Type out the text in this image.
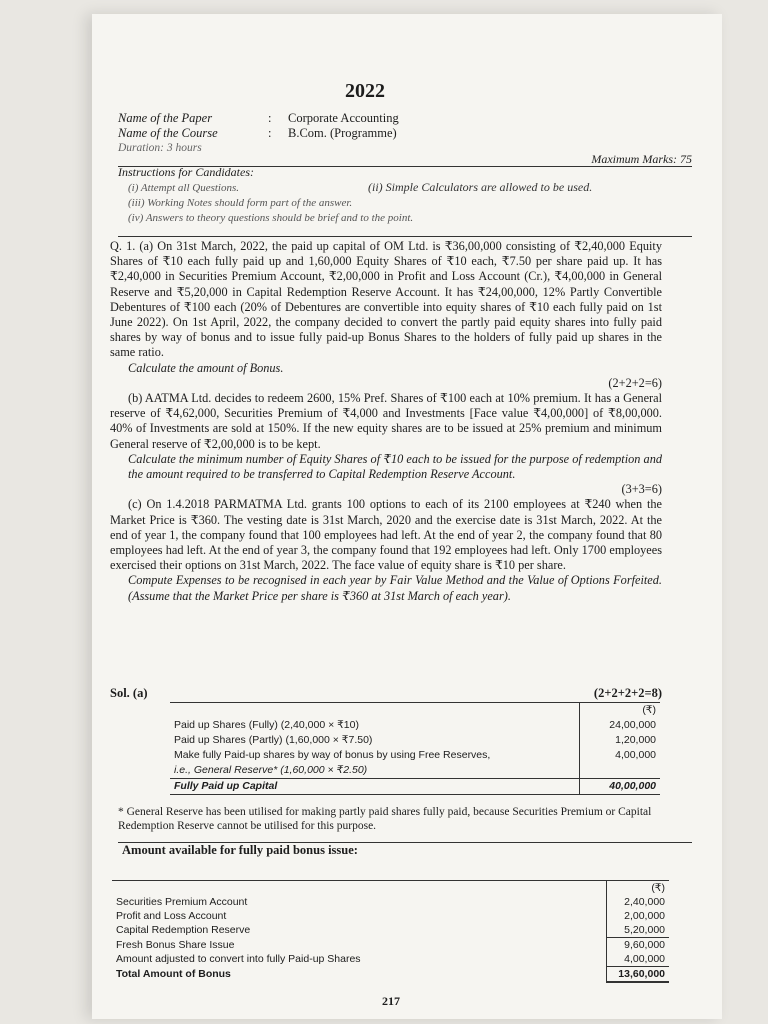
2022
Name of the Paper	: Corporate Accounting
Name of the Course	: B.Com. (Programme)
Duration: 3 hours
Maximum Marks: 75
Instructions for Candidates:
(i) Attempt all Questions.	(ii) Simple Calculators are allowed to be used.
(iii) Working Notes should form part of the answer.
(iv) Answers to theory questions should be brief and to the point.

Q. 1. (a) On 31st March, 2022, the paid up capital of OM Ltd. is ₹36,00,000 consisting of ₹2,40,000 Equity Shares of ₹10 each fully paid up and 1,60,000 Equity Shares of ₹10 each, ₹7.50 per share paid up. It has ₹2,40,000 in Securities Premium Account, ₹2,00,000 in Profit and Loss Account (Cr.), ₹4,00,000 in General Reserve and ₹5,20,000 in Capital Redemption Reserve Account. It has ₹24,00,000, 12% Partly Convertible Debentures of ₹100 each (20% of Debentures are convertible into equity shares of ₹10 each fully paid on 1st June 2022). On 1st April, 2022, the company decided to convert the partly paid equity shares into fully paid shares by way of bonus and to issue fully paid-up Bonus Shares to the holders of fully paid up shares in the same ratio.

Calculate the amount of Bonus.

(2+2+2=6)

(b) AATMA Ltd. decides to redeem 2600, 15% Pref. Shares of ₹100 each at 10% premium. It has a General reserve of ₹4,62,000, Securities Premium of ₹4,000 and Investments [Face value ₹4,00,000] of ₹8,00,000. 40% of Investments are sold at 150%. If the new equity shares are to be issued at 25% premium and minimum General reserve of ₹2,00,000 is to be kept.

Calculate the minimum number of Equity Shares of ₹10 each to be issued for the purpose of redemption and the amount required to be transferred to Capital Redemption Reserve Account.

(3+3=6)

(c) On 1.4.2018 PARMATMA Ltd. grants 100 options to each of its 2100 employees at ₹240 when the Market Price is ₹360. The vesting date is 31st March, 2020 and the exercise date is 31st March, 2022. At the end of year 1, the company found that 100 employees had left. At the end of year 2, the company found that 80 employees had left. At the end of year 3, the company found that 192 employees had left. Only 1700 employees exercised their options on 31st March, 2022. The face value of equity share is ₹10 per share.

Compute Expenses to be recognised in each year by Fair Value Method and the Value of Options Forfeited. (Assume that the Market Price per share is ₹360 at 31st March of each year).

Sol. (a)	(2+2+2+2=8)
	(₹)
Paid up Shares (Fully) (2,40,000 × ₹10)	24,00,000
Paid up Shares (Partly) (1,60,000 × ₹7.50)	1,20,000
Make fully Paid-up shares by way of bonus by using Free Reserves,	4,00,000
i.e., General Reserve* (1,60,000 × ₹2.50)	
Fully Paid up Capital	40,00,000
* General Reserve has been utilised for making partly paid shares fully paid, because Securities Premium or Capital Redemption Reserve cannot be utilised for this purpose.
Amount available for fully paid bonus issue:
	(₹)
Securities Premium Account	2,40,000
Profit and Loss Account	2,00,000
Capital Redemption Reserve	5,20,000
Fresh Bonus Share Issue	9,60,000
Amount adjusted to convert into fully Paid-up Shares	4,00,000
Total Amount of Bonus	13,60,000
217
